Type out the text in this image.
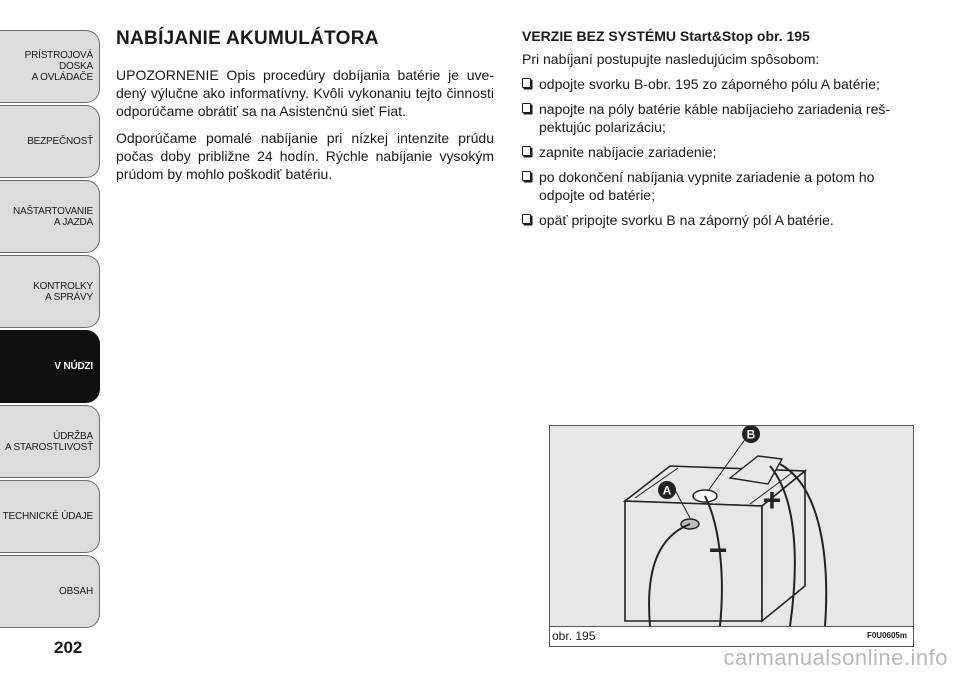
PRÍSTROJOVÁ
DOSKA
A OVLÁDAČE
BEZPEČNOSŤ
NAŠTARTOVANIE
A JAZDA
KONTROLKY
A SPRÁVY
V NÚDZI
ÚDRŽBA
A STAROSTLIVOSŤ
TECHNICKÉ ÚDAJE
OBSAH
202
NABÍJANIE AKUMULÁTORA

UPOZORNENIE Opis procedúry dobíjania batérie je uvedený výlučne ako informatívny. Kvôli vykonaniu tejto činnosti odporúčame obrátiť sa na Asistenčnú sieť Fiat.

Odporúčame pomalé nabíjanie pri nízkej intenzite prúdu počas doby približne 24 hodín. Rýchle nabíjanie vysokým prúdom by mohlo poškodiť batériu.

VERZIE BEZ SYSTÉMU Start&Stop obr. 195

Pri nabíjaní postupujte nasledujúcim spôsobom:

odpojte svorku B-obr. 195 zo záporného pólu A batérie;
napojte na póly batérie káble nabíjacieho zariadenia rešpektujúc polarizáciu;
zapnite nabíjacie zariadenie;
po dokončení nabíjania vypnite zariadenie a potom ho odpojte od batérie;
opäť pripojte svorku B na záporný pól A batérie.
A
B
+
−
obr. 195	F0U0605m
carmanualsonline.info
